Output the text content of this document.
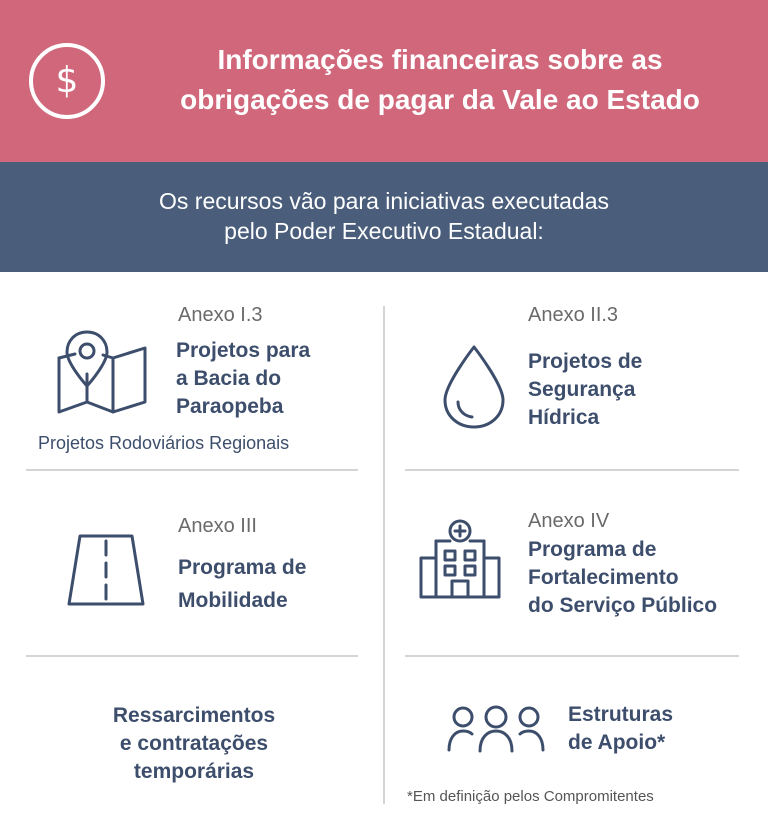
$
Informações financeiras sobre as
obrigações de pagar da Vale ao Estado
Os recursos vão para iniciativas executadas
pelo Poder Executivo Estadual:
Anexo I.3
Projetos para
a Bacia do
Paraopeba
Projetos Rodoviários Regionais
Anexo II.3
Projetos de
Segurança
Hídrica
Anexo III
Programa de
Mobilidade
Anexo IV
Programa de
Fortalecimento
do Serviço Público
Ressarcimentos
e contratações
temporárias
Estruturas
de Apoio*
*Em definição pelos Compromitentes
